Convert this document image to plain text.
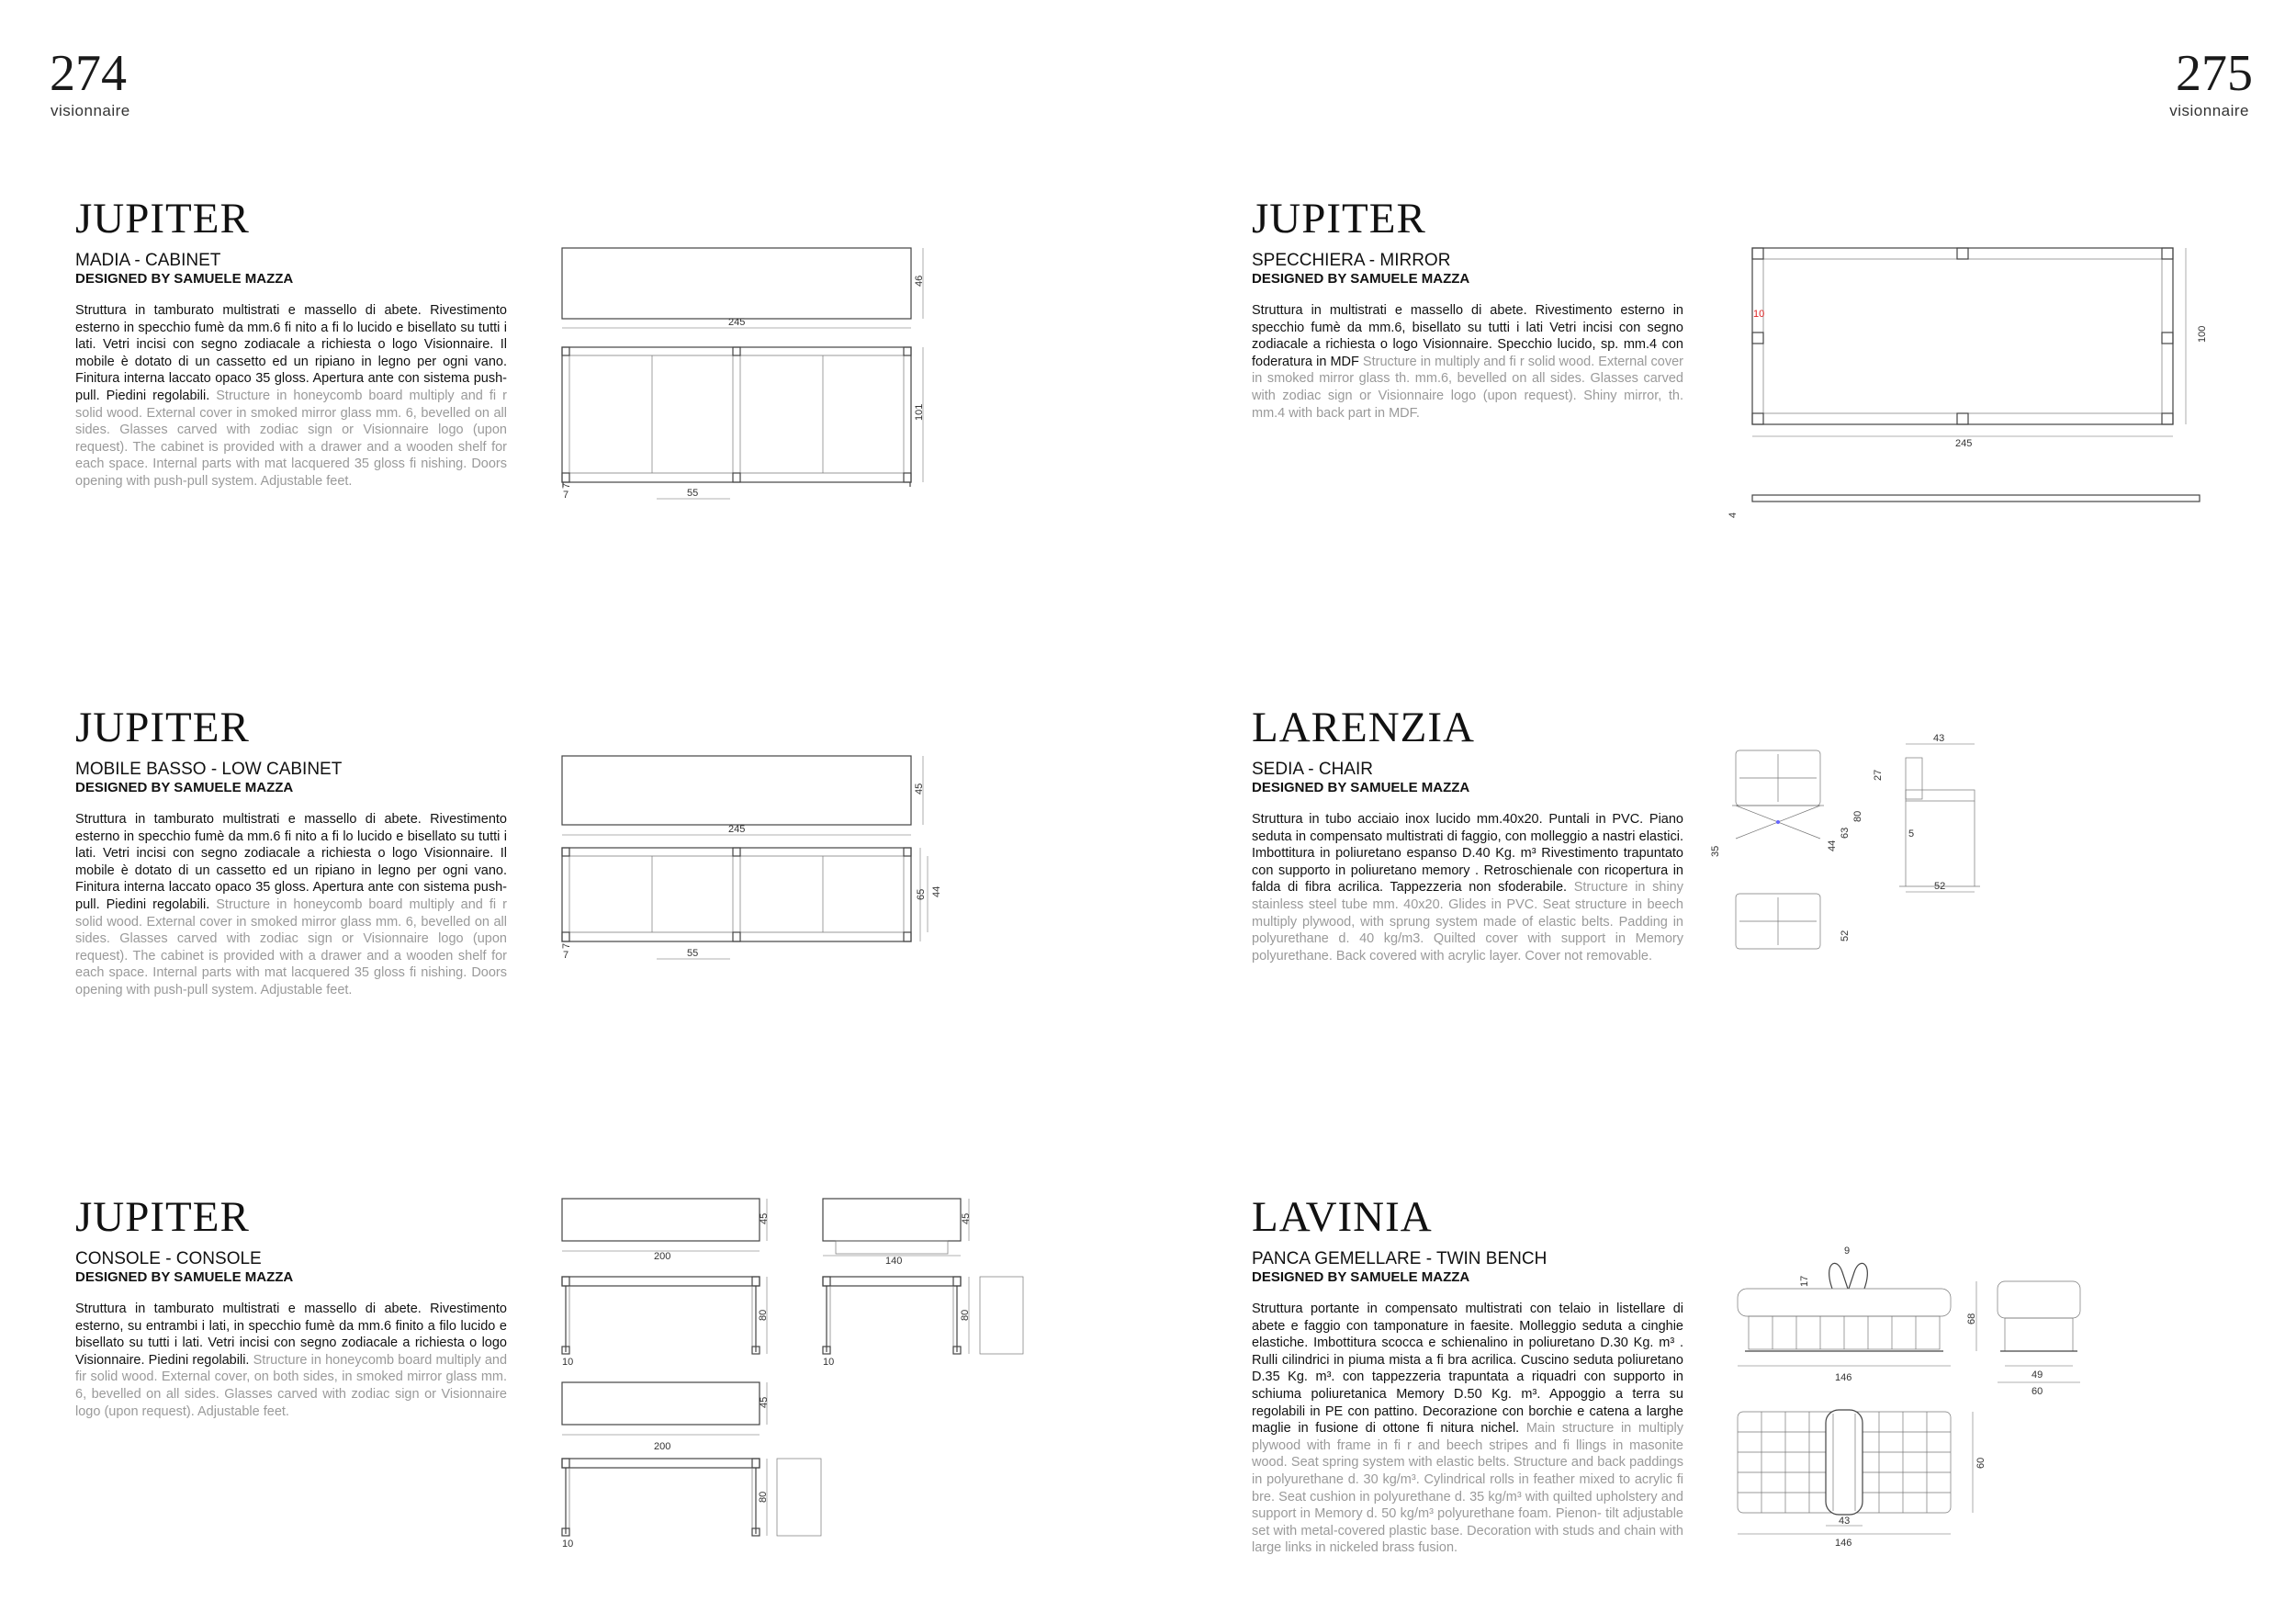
274
visionnaire
275
visionnaire
JUPITER
MADIA - CABINET
DESIGNED BY SAMUELE MAZZA
Struttura in tamburato multistrati e massello di abete. Rivestimento esterno in specchio fumè da mm.6 fi nito a fi lo lucido e bisellato su tutti i lati. Vetri incisi con segno zodiacale a richiesta o logo Visionnaire. Il mobile è dotato di un cassetto ed un ripiano in legno per ogni vano. Finitura interna laccato opaco 35 gloss. Apertura ante con sistema push-pull. Piedini regolabili. Structure in honeycomb board multiply and fi r solid wood. External cover in smoked mirror glass mm. 6, bevelled on all sides. Glasses carved with zodiac sign or Visionnaire logo (upon request). The cabinet is provided with a drawer and a wooden shelf for each space. Internal parts with mat lacquered 35 gloss fi nishing. Doors opening with push-pull system. Adjustable feet.
46
245
101
7
7	55
JUPITER
SPECCHIERA - MIRROR
DESIGNED BY SAMUELE MAZZA
Struttura in multistrati e massello di abete. Rivestimento esterno in specchio fumè da mm.6, bisellato su tutti i lati Vetri incisi con segno zodiacale a richiesta o logo Visionnaire. Specchio lucido, sp. mm.4 con foderatura in MDF Structure in multiply and fi r solid wood. External cover in smoked mirror glass th. mm.6, bevelled on all sides. Glasses carved with zodiac sign or Visionnaire logo (upon request). Shiny mirror, th. mm.4 with back part in MDF.
10
100
245
4
JUPITER
MOBILE BASSO - LOW CABINET
DESIGNED BY SAMUELE MAZZA
Struttura in tamburato multistrati e massello di abete. Rivestimento esterno in specchio fumè da mm.6 fi nito a fi lo lucido e bisellato su tutti i lati. Vetri incisi con segno zodiacale a richiesta o logo Visionnaire. Il mobile è dotato di un cassetto ed un ripiano in legno per ogni vano. Finitura interna laccato opaco 35 gloss. Apertura ante con sistema push-pull. Piedini regolabili. Structure in honeycomb board multiply and fi r solid wood. External cover in smoked mirror glass mm. 6, bevelled on all sides. Glasses carved with zodiac sign or Visionnaire logo (upon request). The cabinet is provided with a drawer and a wooden shelf for each space. Internal parts with mat lacquered 35 gloss fi nishing. Doors opening with push-pull system. Adjustable feet.
45
245
65 44
7
7	55
LARENZIA
SEDIA - CHAIR
DESIGNED BY SAMUELE MAZZA
Struttura in tubo acciaio inox lucido mm.40x20. Puntali in PVC. Piano seduta in compensato multistrati di faggio, con molleggio a nastri elastici. Imbottitura in poliuretano espanso D.40 Kg. m³ Rivestimento trapuntato con supporto in poliuretano memory . Retroschienale con ricopertura in falda di fibra acrilica. Tappezzeria non sfoderabile. Structure in shiny stainless steel tube mm. 40x20. Glides in PVC. Seat structure in beech multiply plywood, with sprung system made of elastic belts. Padding in polyurethane d. 40 kg/m3. Quilted cover with support in Memory polyurethane. Back covered with acrylic layer. Cover not removable.
43
27
80
63
44
35
5
52
52
JUPITER
CONSOLE - CONSOLE
DESIGNED BY SAMUELE MAZZA
Struttura in tamburato multistrati e massello di abete. Rivestimento esterno, su entrambi i lati, in specchio fumè da mm.6 finito a filo lucido e bisellato su tutti i lati. Vetri incisi con segno zodiacale a richiesta o logo Visionnaire. Piedini regolabili. Structure in honeycomb board multiply and fir solid wood. External cover, on both sides, in smoked mirror glass mm. 6, bevelled on all sides. Glasses carved with zodiac sign or Visionnaire logo (upon request). Adjustable feet.
45
200
80
10
45
140
80
10
45
200
80
10
LAVINIA
PANCA GEMELLARE - TWIN BENCH
DESIGNED BY SAMUELE MAZZA
Struttura portante in compensato multistrati con telaio in listellare di abete e faggio con tamponature in faesite. Molleggio seduta a cinghie elastiche. Imbottitura scocca e schienalino in poliuretano D.30 Kg. m³ . Rulli cilindrici in piuma mista a fi bra acrilica. Cuscino seduta poliuretano D.35 Kg. m³. con tappezzeria trapuntata a riquadri con supporto in schiuma poliuretanica Memory D.50 Kg. m³. Appoggio a terra su regolabili in PE con pattino. Decorazione con borchie e catena a larghe maglie in fusione di ottone fi nitura nichel. Main structure in multiply plywood with frame in fi r and beech stripes and fi llings in masonite wood. Seat spring system with elastic belts. Structure and back paddings in polyurethane d. 30 kg/m³. Cylindrical rolls in feather mixed to acrylic fi bre. Seat cushion in polyurethane d. 35 kg/m³ with quilted upholstery and support in Memory d. 50 kg/m³ polyurethane foam. Pienon- tilt adjustable set with metal-covered plastic base. Decoration with studs and chain with large links in nickeled brass fusion.
9
17
146
68
49
60
60
43
146
